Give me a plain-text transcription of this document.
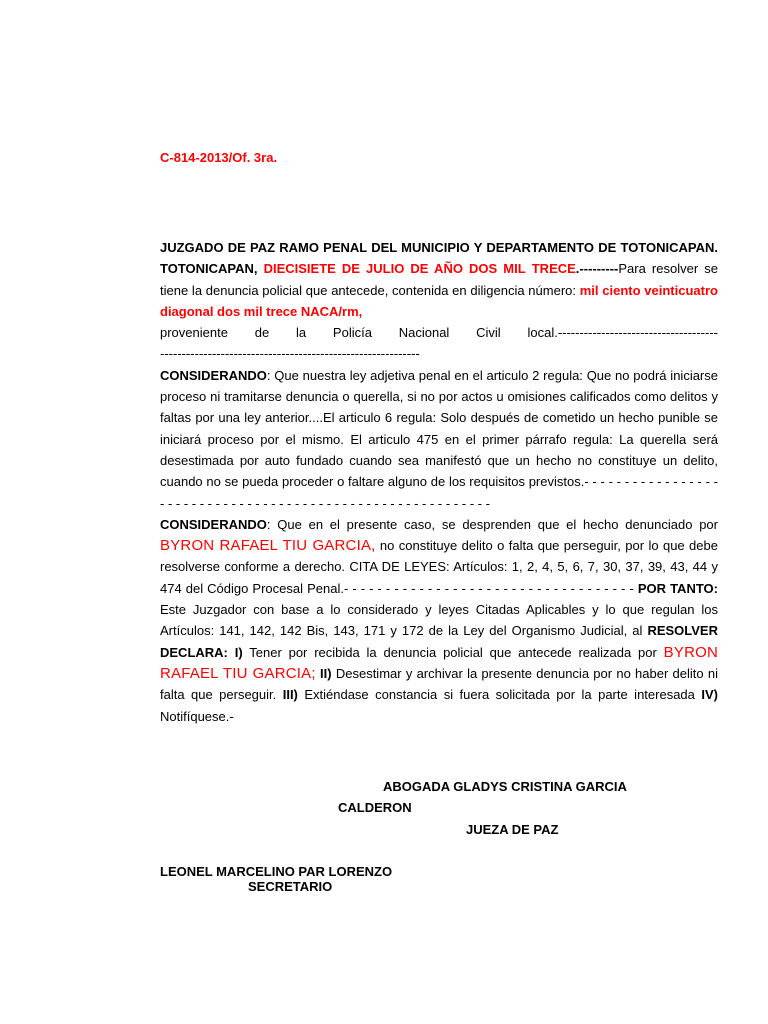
C-814-2013/Of. 3ra.

JUZGADO DE PAZ RAMO PENAL DEL MUNICIPIO Y DEPARTAMENTO DE TOTONICAPAN. TOTONICAPAN, DIECISIETE DE JULIO DE AÑO DOS MIL TRECE.---------Para resolver se tiene la denuncia policial que antecede, contenida en diligencia número: mil ciento veinticuatro diagonal dos mil trece NACA/rm,

proveniente de la Policía Nacional Civil local.-------------------------------------

------------------------------------------------------------

CONSIDERANDO: Que nuestra ley adjetiva penal en el articulo 2 regula: Que no podrá iniciarse proceso ni tramitarse denuncia o querella, si no por actos u omisiones calificados como delitos y faltas por una ley anterior....El articulo 6 regula: Solo después de cometido un hecho punible se iniciará proceso por el mismo. El articulo 475 en el primer párrafo regula: La querella será desestimada por auto fundado cuando sea manifestó que un hecho no constituye un delito, cuando no se pueda proceder o faltare alguno de los requisitos previstos.- - - - - - - - - - - - - - - - - - - - - - - - - - - - - - - - - - - - - - - - - - - - - - - - - - - - - - - - - - -

CONSIDERANDO: Que en el presente caso, se desprenden que el hecho denunciado por BYRON RAFAEL TIU GARCIA, no constituye delito o falta que perseguir, por lo que debe resolverse conforme a derecho. CITA DE LEYES: Artículos: 1, 2, 4, 5, 6, 7, 30, 37, 39, 43, 44 y 474 del Código Procesal Penal.- - - - - - - - - - - - - - - - - - - - - - - - - - - - - - - - - - - POR TANTO: Este Juzgador con base a lo considerado y leyes Citadas Aplicables y lo que regulan los Artículos: 141, 142, 142 Bis, 143, 171 y 172 de la Ley del Organismo Judicial, al RESOLVER DECLARA: I) Tener por recibida la denuncia policial que antecede realizada por BYRON RAFAEL TIU GARCIA; II) Desestimar y archivar la presente denuncia por no haber delito ni falta que perseguir. III) Extiéndase constancia si fuera solicitada por la parte interesada IV) Notifíquese.-

ABOGADA GLADYS CRISTINA GARCIA
CALDERON
JUEZA DE PAZ
LEONEL MARCELINO PAR LORENZO
SECRETARIO
